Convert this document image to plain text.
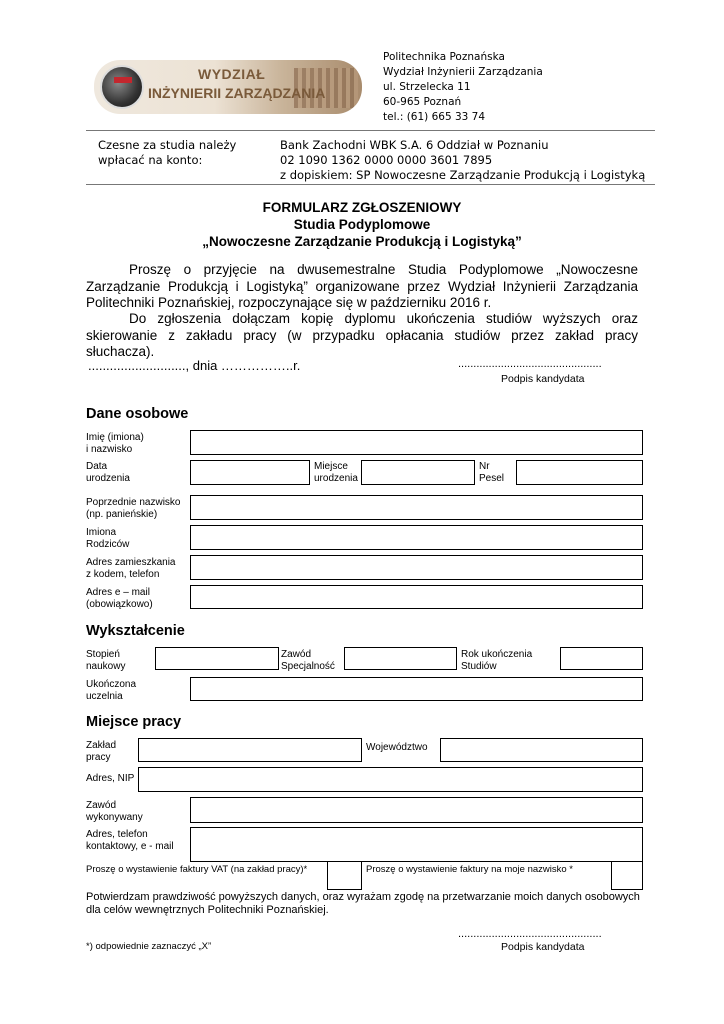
WYDZIAŁ
INŻYNIERII ZARZĄDZANIA
Politechnika Poznańska
Wydział Inżynierii Zarządzania
ul. Strzelecka 11
60-965 Poznań
tel.: (61) 665 33 74
Czesne za studia należy
wpłacać na konto:
Bank Zachodni WBK S.A. 6 Oddział w Poznaniu
02 1090 1362 0000 0000 3601 7895
z dopiskiem: SP Nowoczesne Zarządzanie Produkcją i Logistyką
FORMULARZ ZGŁOSZENIOWY
Studia Podyplomowe
„Nowoczesne Zarządzanie Produkcją i Logistyką”
Proszę o przyjęcie na dwusemestralne Studia Podyplomowe „Nowoczesne Zarządzanie Produkcją i Logistyką” organizowane przez Wydział Inżynierii Zarządzania Politechniki Poznańskiej, rozpoczynające się w październiku 2016 r.
Do zgłoszenia dołączam kopię dyplomu ukończenia studiów wyższych oraz skierowanie z zakładu pracy (w przypadku opłacania studiów przez zakład pracy słuchacza).
..........................., dnia ……………..r.	...............................................
Podpis kandydata
Dane osobowe
Imię (imiona)
i nazwisko
Data
urodzenia
Miejsce
urodzenia
Nr
Pesel
Poprzednie nazwisko
(np. panieńskie)
Imiona
Rodziców
Adres zamieszkania
z kodem, telefon
Adres e – mail
(obowiązkowo)
Wykształcenie
Stopień
naukowy
Zawód
Specjalność
Rok ukończenia
Studiów
Ukończona
uczelnia
Miejsce pracy
Zakład
pracy
Województwo
Adres, NIP
Zawód
wykonywany
Adres, telefon
kontaktowy, e - mail
Proszę o wystawienie faktury VAT (na zakład pracy)*	Proszę o wystawienie faktury na moje nazwisko *
Potwierdzam prawdziwość powyższych danych, oraz wyrażam zgodę na przetwarzanie moich danych osobowych dla celów wewnętrznych Politechniki Poznańskiej.
...............................................
Podpis kandydata
*) odpowiednie zaznaczyć „X”
